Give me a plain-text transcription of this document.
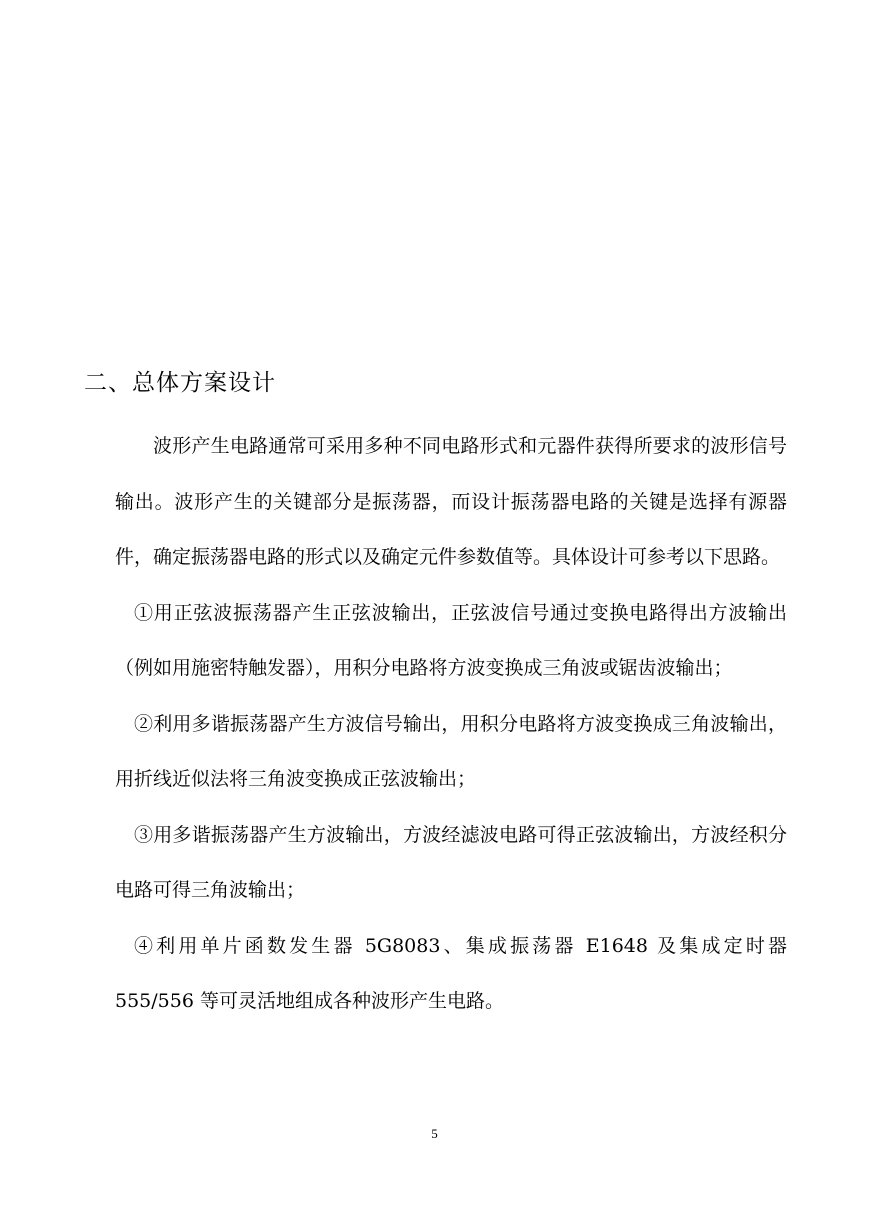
二、总体方案设计

波形产生电路通常可采用多种不同电路形式和元器件获得所要求的波形信号输出。波形产生的关键部分是振荡器，而设计振荡器电路的关键是选择有源器件，确定振荡器电路的形式以及确定元件参数值等。具体设计可参考以下思路。

①用正弦波振荡器产生正弦波输出，正弦波信号通过变换电路得出方波输出（例如用施密特触发器），用积分电路将方波变换成三角波或锯齿波输出；

②利用多谐振荡器产生方波信号输出，用积分电路将方波变换成三角波输出，用折线近似法将三角波变换成正弦波输出；

③用多谐振荡器产生方波输出，方波经滤波电路可得正弦波输出，方波经积分电路可得三角波输出；

④利用单片函数发生器 5G8083、集成振荡器 E1648 及集成定时器 555/556 等可灵活地组成各种波形产生电路。

5
